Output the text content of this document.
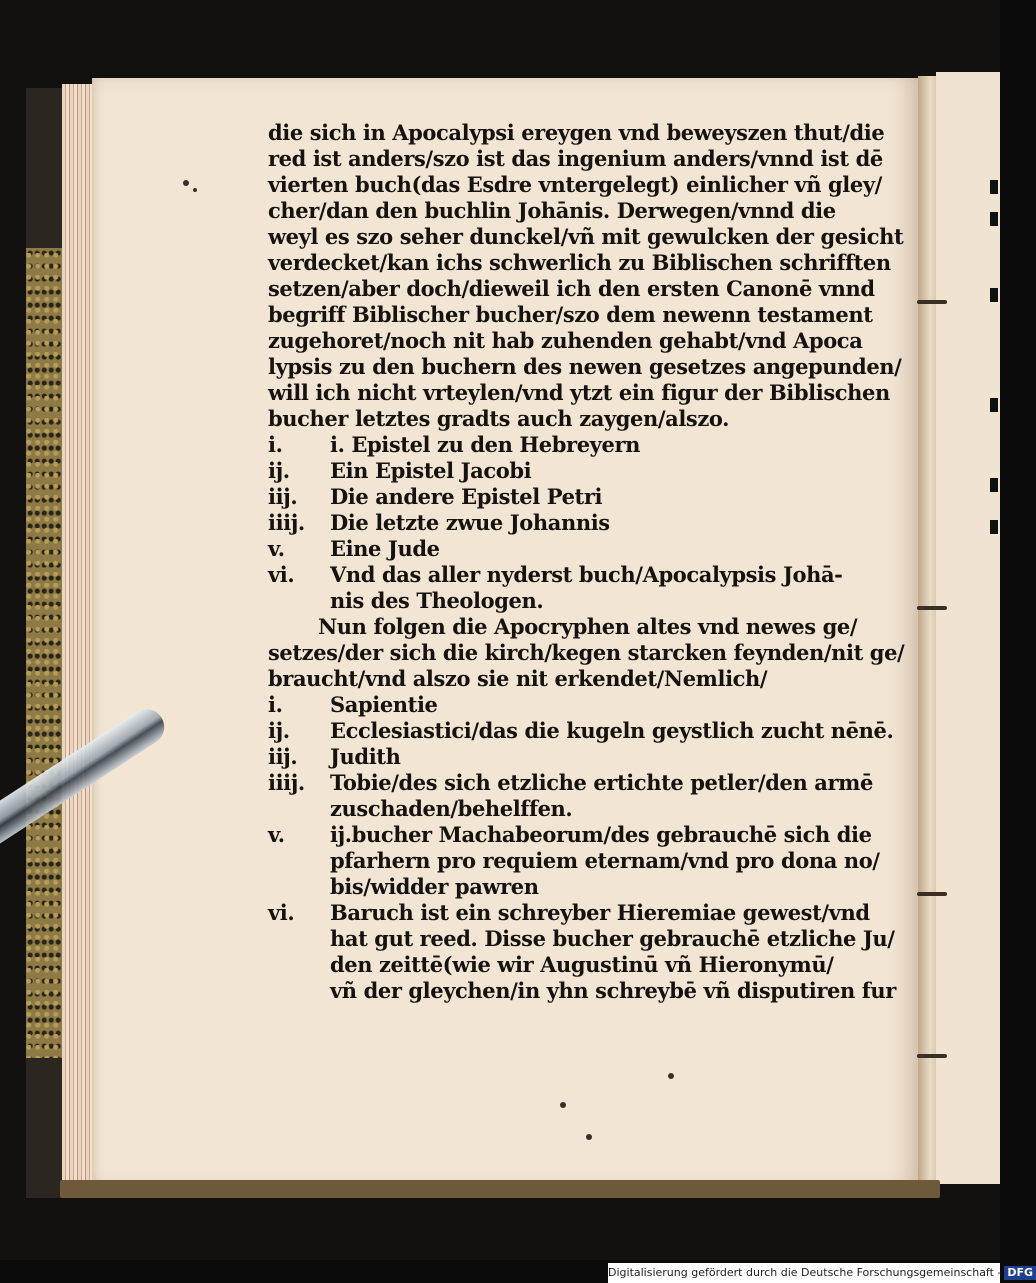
die sich in Apocalypsi ereygen vnd beweyszen thut/die
red ist anders/szo ist das ingenium anders/vnnd ist dē
vierten buch(das Esdre vntergelegt) einlicher vñ gley/
cher/dan den buchlin Johānis. Derwegen/vnnd die
weyl es szo seher dunckel/vñ mit gewulcken der gesicht
verdecket/kan ichs schwerlich zu Biblischen schrifften
setzen/aber doch/dieweil ich den ersten Canonē vnnd
begriff Biblischer bucher/szo dem newenn testament
zugehoret/noch nit hab zuhenden gehabt/vnd Apoca
lypsis zu den buchern des newen gesetzes angepunden/
will ich nicht vrteylen/vnd ytzt ein figur der Biblischen
bucher letztes gradts auch zaygen/alszo.
i.	i. Epistel zu den Hebreyern
ij.	Ein Epistel Jacobi
iij.	Die andere Epistel Petri
iiij.	Die letzte zwue Johannis
v.	Eine Jude
vi.	Vnd das aller nyderst buch/Apocalypsis Johā-
nis des Theologen.
Nun folgen die Apocryphen altes vnd newes ge/
setzes/der sich die kirch/kegen starcken feynden/nit ge/
braucht/vnd alszo sie nit erkendet/Nemlich/
i.	Sapientie
ij.	Ecclesiastici/das die kugeln geystlich zucht nēnē.
iij.	Judith
iiij.	Tobie/des sich etzliche ertichte petler/den armē
zuschaden/behelffen.
v.	ij.bucher Machabeorum/des gebrauchē sich die
pfarhern pro requiem eternam/vnd pro dona no/
bis/widder pawren
vi.	Baruch ist ein schreyber Hieremiae gewest/vnd
hat gut reed. Disse bucher gebrauchē etzliche Ju/
den zeittē(wie wir Augustinū vñ Hieronymū/
vñ der gleychen/in yhn schreybē vñ disputiren fur
Digitalisierung gefördert durch die Deutsche Forschungsgemeinschaft - DFG
